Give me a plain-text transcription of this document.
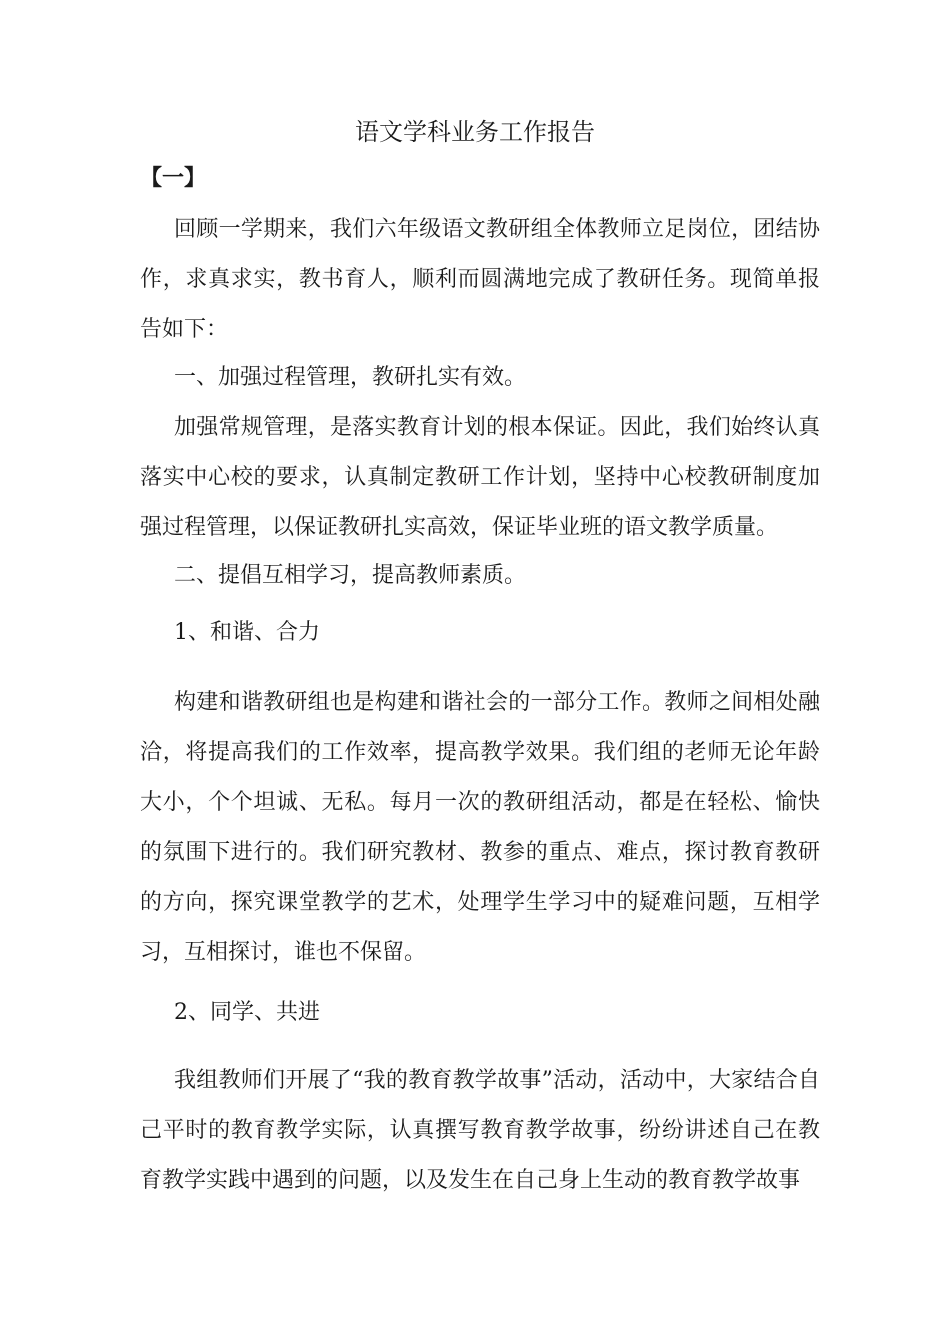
语文学科业务工作报告
【一】

回顾一学期来，我们六年级语文教研组全体教师立足岗位，团结协作，求真求实，教书育人，顺利而圆满地完成了教研任务。现简单报告如下：

一、加强过程管理，教研扎实有效。

加强常规管理，是落实教育计划的根本保证。因此，我们始终认真落实中心校的要求，认真制定教研工作计划，坚持中心校教研制度加强过程管理，以保证教研扎实高效，保证毕业班的语文教学质量。

二、提倡互相学习，提高教师素质。

1、和谐、合力

构建和谐教研组也是构建和谐社会的一部分工作。教师之间相处融洽，将提高我们的工作效率，提高教学效果。我们组的老师无论年龄大小，个个坦诚、无私。每月一次的教研组活动，都是在轻松、愉快的氛围下进行的。我们研究教材、教参的重点、难点，探讨教育教研的方向，探究课堂教学的艺术，处理学生学习中的疑难问题，互相学习，互相探讨，谁也不保留。

2、同学、共进

我组教师们开展了“我的教育教学故事”活动，活动中，大家结合自己平时的教育教学实际，认真撰写教育教学故事，纷纷讲述自己在教育教学实践中遇到的问题，以及发生在自己身上生动的教育教学故事
